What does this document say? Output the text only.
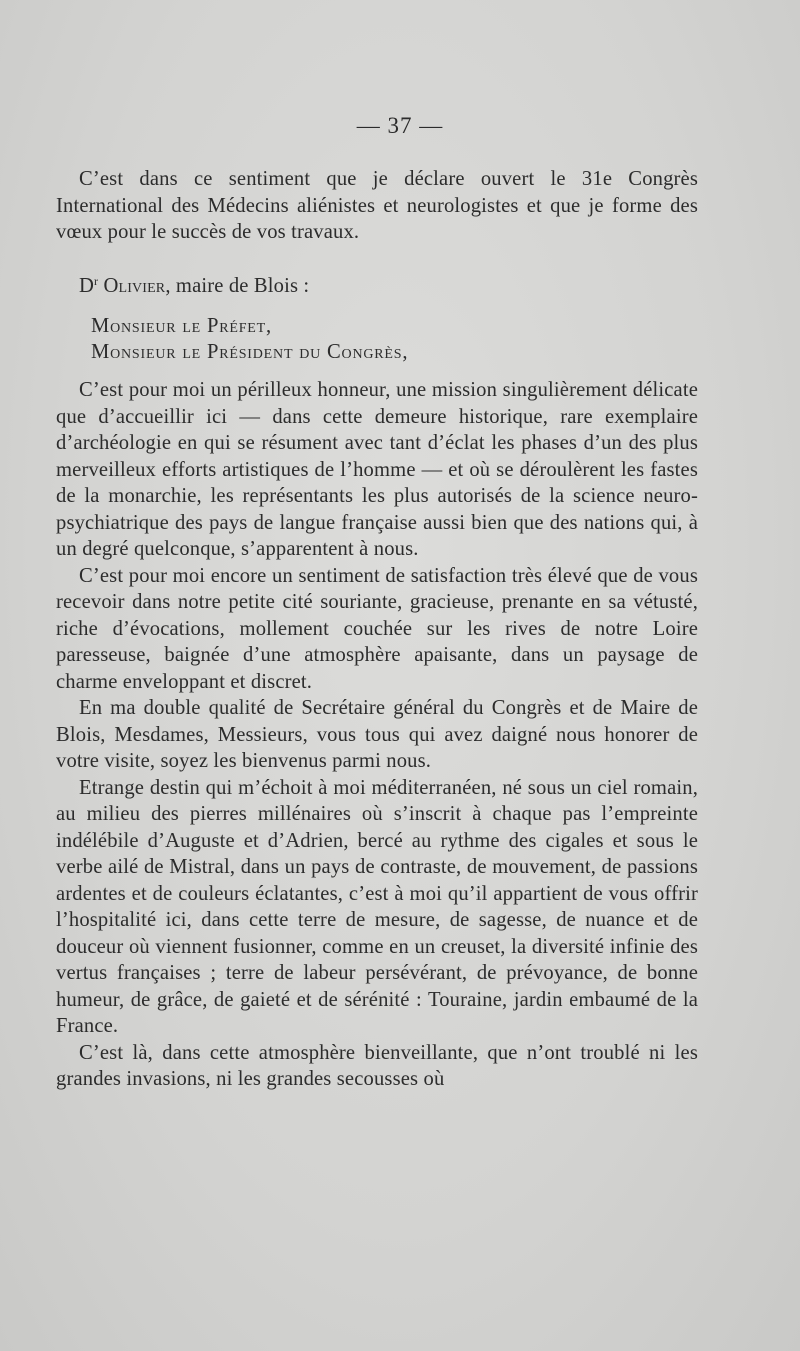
— 37 —

C’est dans ce sentiment que je déclare ouvert le 31e Congrès International des Médecins aliénistes et neurologistes et que je forme des vœux pour le succès de vos travaux.

$D^r$ Olivier, maire de Blois :

Monsieur le Préfet,
Monsieur le Président du Congrès,

C’est pour moi un périlleux honneur, une mission singulièrement délicate que d’accueillir ici — dans cette demeure historique, rare exemplaire d’archéologie en qui se résument avec tant d’éclat les phases d’un des plus merveilleux efforts artistiques de l’homme — et où se déroulèrent les fastes de la monarchie, les représentants les plus autorisés de la science neuro-psychiatrique des pays de langue française aussi bien que des nations qui, à un degré quelconque, s’apparentent à nous.

C’est pour moi encore un sentiment de satisfaction très élevé que de vous recevoir dans notre petite cité souriante, gracieuse, prenante en sa vétusté, riche d’évocations, mollement couchée sur les rives de notre Loire paresseuse, baignée d’une atmosphère apaisante, dans un paysage de charme enveloppant et discret.

En ma double qualité de Secrétaire général du Congrès et de Maire de Blois, Mesdames, Messieurs, vous tous qui avez daigné nous honorer de votre visite, soyez les bienvenus parmi nous.

Etrange destin qui m’échoit à moi méditerranéen, né sous un ciel romain, au milieu des pierres millénaires où s’inscrit à chaque pas l’empreinte indélébile d’Auguste et d’Adrien, bercé au rythme des cigales et sous le verbe ailé de Mistral, dans un pays de contraste, de mouvement, de passions ardentes et de couleurs éclatantes, c’est à moi qu’il appartient de vous offrir l’hospitalité ici, dans cette terre de mesure, de sagesse, de nuance et de douceur où viennent fusionner, comme en un creuset, la diversité infinie des vertus françaises ; terre de labeur persévérant, de prévoyance, de bonne humeur, de grâce, de gaieté et de sérénité : Touraine, jardin embaumé de la France.

C’est là, dans cette atmosphère bienveillante, que n’ont troublé ni les grandes invasions, ni les grandes secousses où
